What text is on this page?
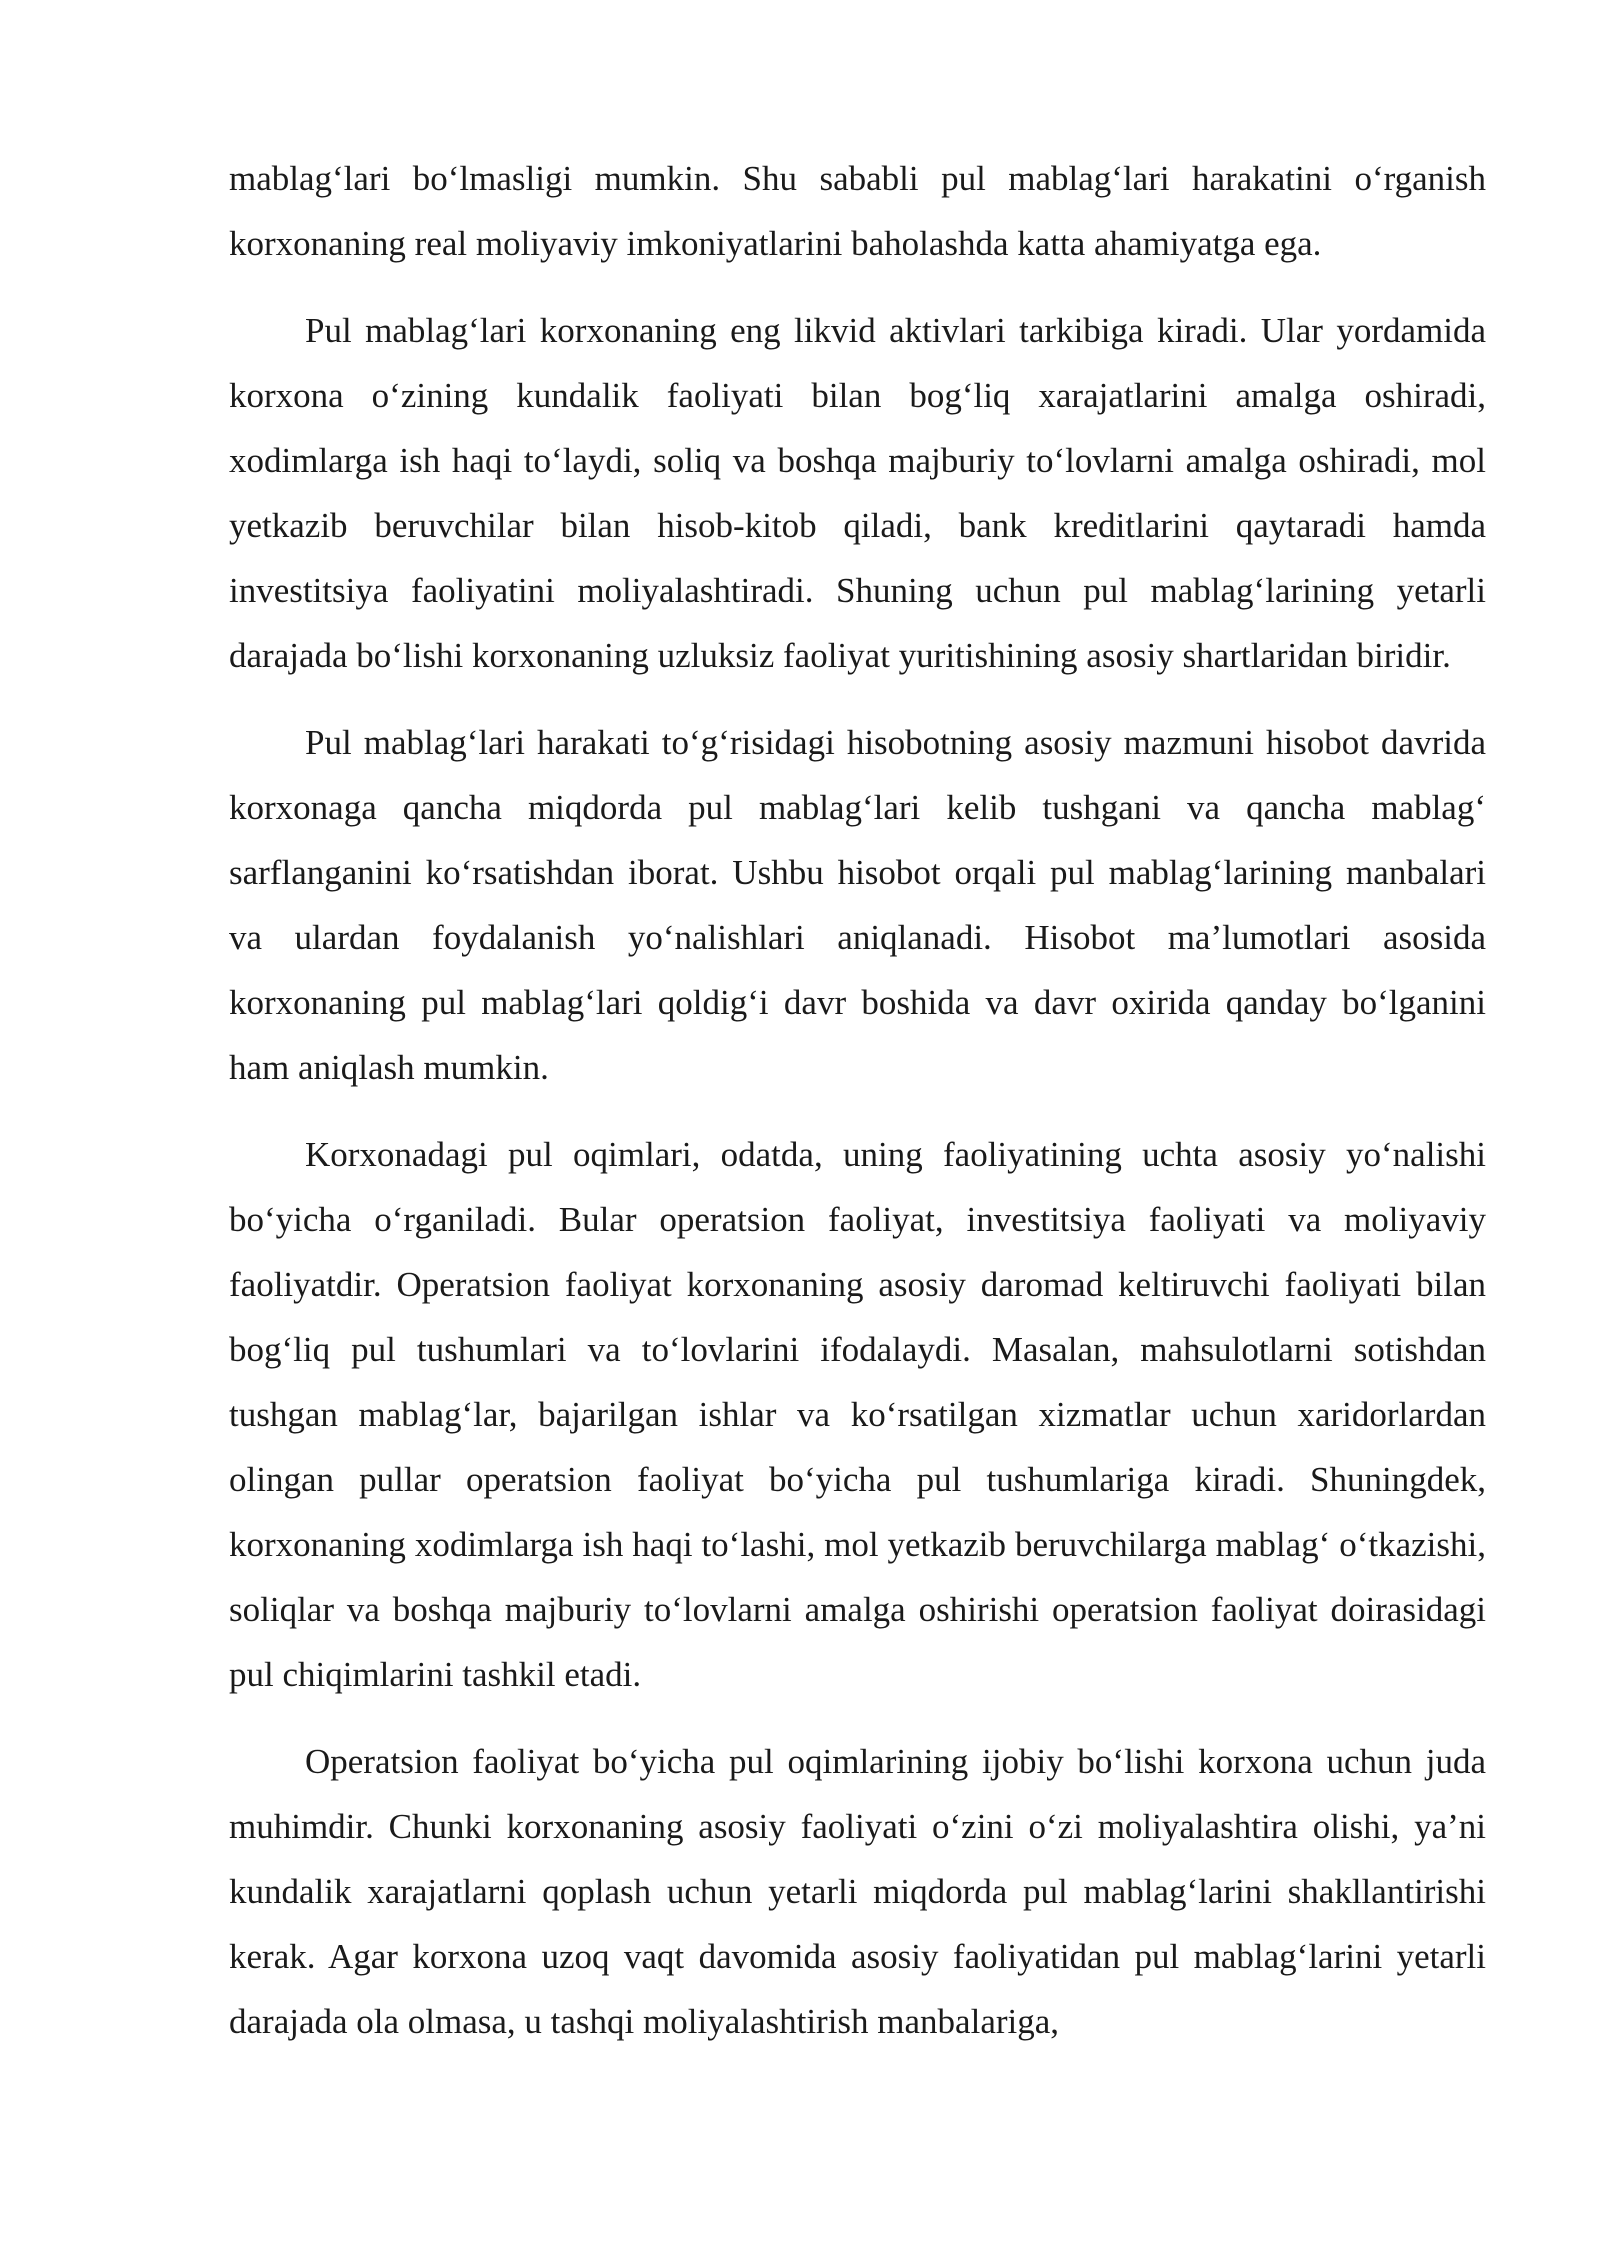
mablag‘lari bo‘lmasligi mumkin. Shu sababli pul mablag‘lari harakatini o‘rganish korxonaning real moliyaviy imkoniyatlarini baholashda katta ahamiyatga ega.

Pul mablag‘lari korxonaning eng likvid aktivlari tarkibiga kiradi. Ular yordamida korxona o‘zining kundalik faoliyati bilan bog‘liq xarajatlarini amalga oshiradi, xodimlarga ish haqi to‘laydi, soliq va boshqa majburiy to‘lovlarni amalga oshiradi, mol yetkazib beruvchilar bilan hisob-kitob qiladi, bank kreditlarini qaytaradi hamda investitsiya faoliyatini moliyalashtiradi. Shuning uchun pul mablag‘larining yetarli darajada bo‘lishi korxonaning uzluksiz faoliyat yuritishining asosiy shartlaridan biridir.

Pul mablag‘lari harakati to‘g‘risidagi hisobotning asosiy mazmuni hisobot davrida korxonaga qancha miqdorda pul mablag‘lari kelib tushgani va qancha mablag‘ sarflanganini ko‘rsatishdan iborat. Ushbu hisobot orqali pul mablag‘larining manbalari va ulardan foydalanish yo‘nalishlari aniqlanadi. Hisobot ma’lumotlari asosida korxonaning pul mablag‘lari qoldig‘i davr boshida va davr oxirida qanday bo‘lganini ham aniqlash mumkin.

Korxonadagi pul oqimlari, odatda, uning faoliyatining uchta asosiy yo‘nalishi bo‘yicha o‘rganiladi. Bular operatsion faoliyat, investitsiya faoliyati va moliyaviy faoliyatdir. Operatsion faoliyat korxonaning asosiy daromad keltiruvchi faoliyati bilan bog‘liq pul tushumlari va to‘lovlarini ifodalaydi. Masalan, mahsulotlarni sotishdan tushgan mablag‘lar, bajarilgan ishlar va ko‘rsatilgan xizmatlar uchun xaridorlardan olingan pullar operatsion faoliyat bo‘yicha pul tushumlariga kiradi. Shuningdek, korxonaning xodimlarga ish haqi to‘lashi, mol yetkazib beruvchilarga mablag‘ o‘tkazishi, soliqlar va boshqa majburiy to‘lovlarni amalga oshirishi operatsion faoliyat doirasidagi pul chiqimlarini tashkil etadi.

Operatsion faoliyat bo‘yicha pul oqimlarining ijobiy bo‘lishi korxona uchun juda muhimdir. Chunki korxonaning asosiy faoliyati o‘zini o‘zi moliyalashtira olishi, ya’ni kundalik xarajatlarni qoplash uchun yetarli miqdorda pul mablag‘larini shakllantirishi kerak. Agar korxona uzoq vaqt davomida asosiy faoliyatidan pul mablag‘larini yetarli darajada ola olmasa, u tashqi moliyalashtirish manbalariga,
